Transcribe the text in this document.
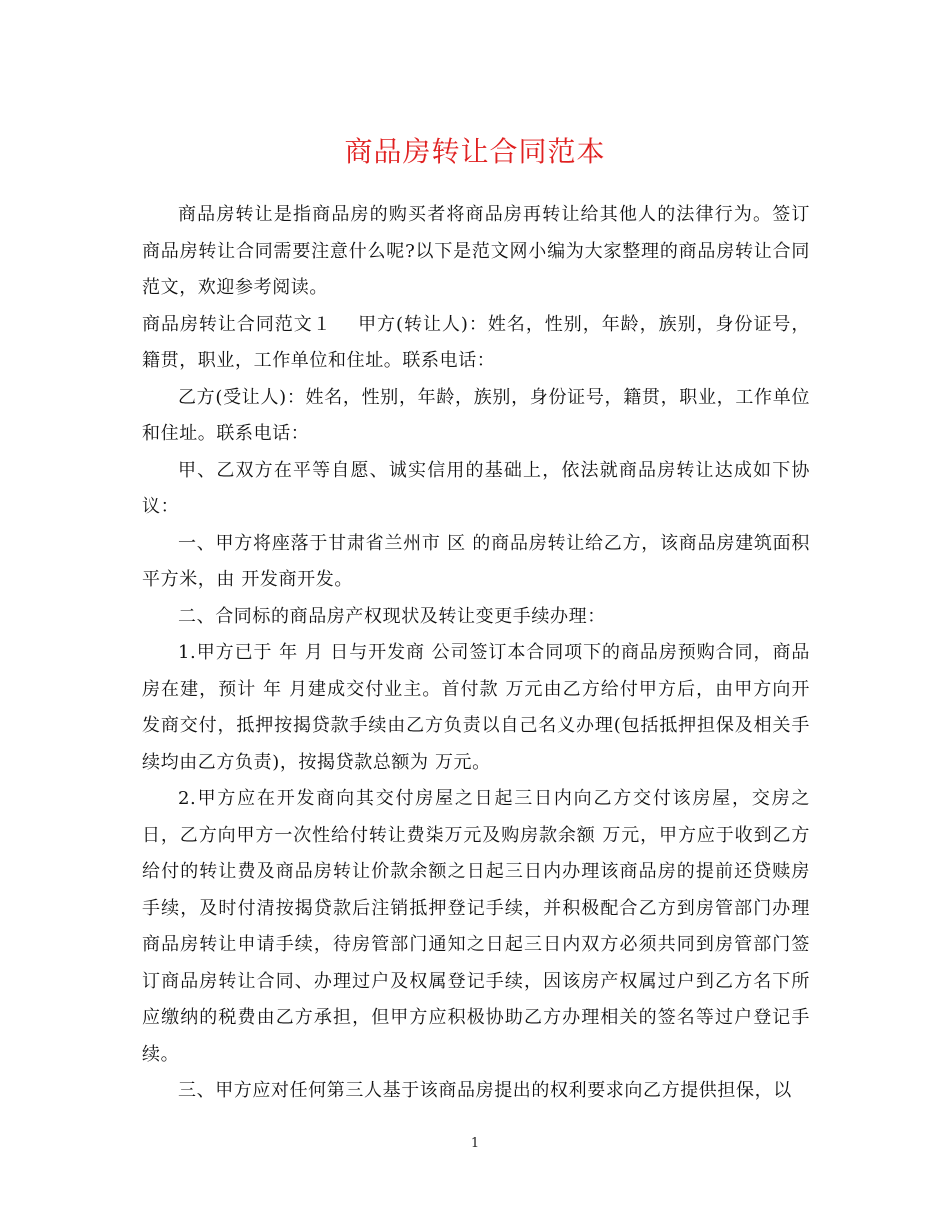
商品房转让合同范本

商品房转让是指商品房的购买者将商品房再转让给其他人的法律行为。签订商品房转让合同需要注意什么呢?以下是范文网小编为大家整理的商品房转让合同范文，欢迎参考阅读。

商品房转让合同范文１ 甲方(转让人)：姓名，性别，年龄，族别，身份证号，籍贯，职业，工作单位和住址。联系电话：

乙方(受让人)：姓名，性别，年龄，族别，身份证号，籍贯，职业，工作单位和住址。联系电话：

甲、乙双方在平等自愿、诚实信用的基础上，依法就商品房转让达成如下协议：

一、甲方将座落于甘肃省兰州市 区 的商品房转让给乙方，该商品房建筑面积 平方米，由 开发商开发。

二、合同标的商品房产权现状及转让变更手续办理：

1.甲方已于 年 月 日与开发商 公司签订本合同项下的商品房预购合同，商品房在建，预计 年 月建成交付业主。首付款 万元由乙方给付甲方后，由甲方向开发商交付，抵押按揭贷款手续由乙方负责以自己名义办理(包括抵押担保及相关手续均由乙方负责)，按揭贷款总额为 万元。

2.甲方应在开发商向其交付房屋之日起三日内向乙方交付该房屋，交房之日，乙方向甲方一次性给付转让费柒万元及购房款余额 万元，甲方应于收到乙方给付的转让费及商品房转让价款余额之日起三日内办理该商品房的提前还贷赎房手续，及时付清按揭贷款后注销抵押登记手续，并积极配合乙方到房管部门办理商品房转让申请手续，待房管部门通知之日起三日内双方必须共同到房管部门签订商品房转让合同、办理过户及权属登记手续，因该房产权属过户到乙方名下所应缴纳的税费由乙方承担，但甲方应积极协助乙方办理相关的签名等过户登记手续。

三、甲方应对任何第三人基于该商品房提出的权利要求向乙方提供担保，以

1
